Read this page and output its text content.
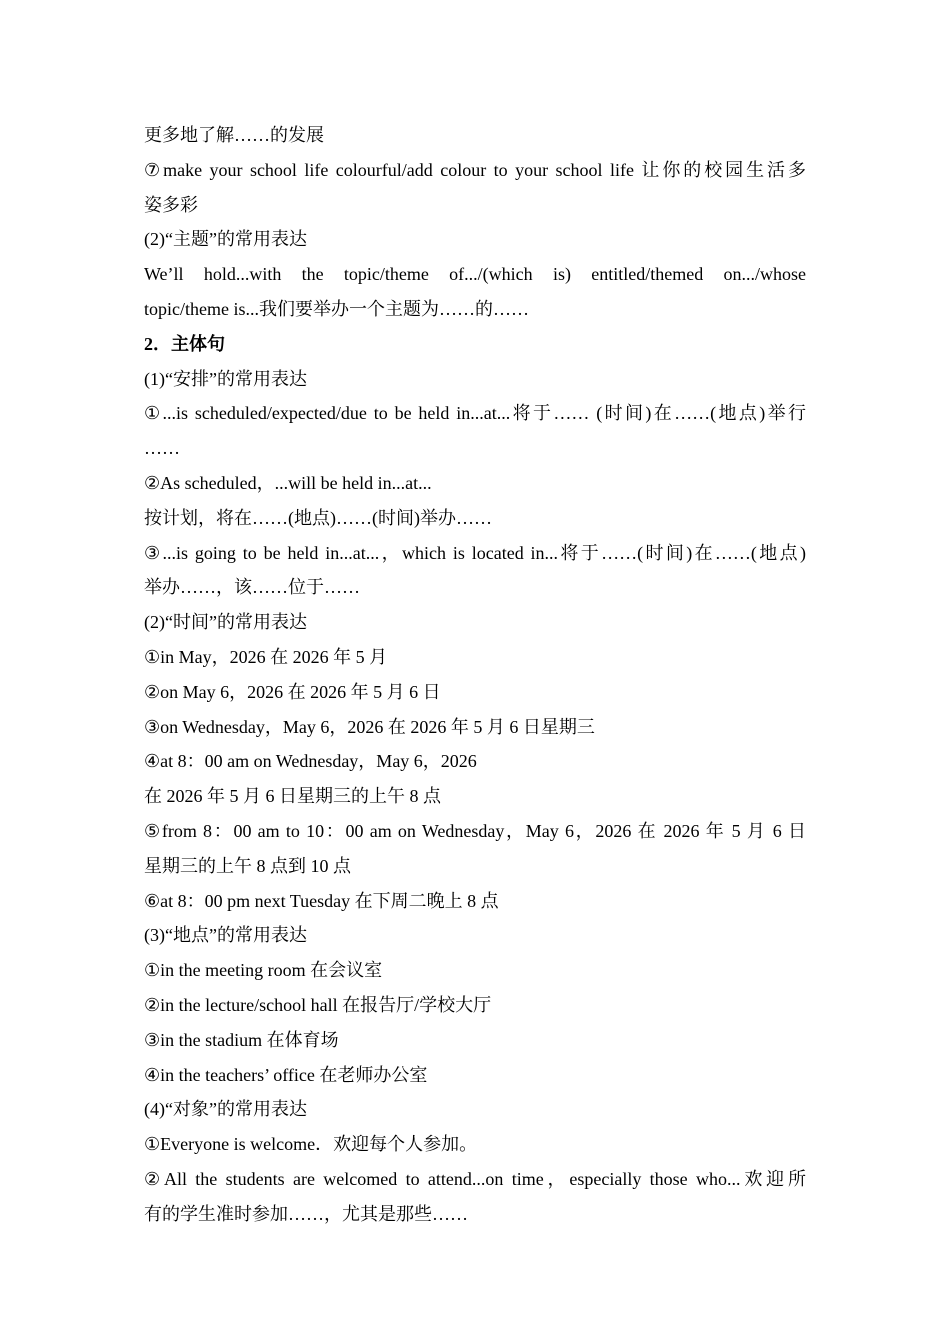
更多地了解……的发展
⑦make your school life colourful/add colour to your school life 让你的校园生活多
姿多彩
(2)“主题”的常用表达
We’ll hold...with the topic/theme of.../(which is) entitled/themed on.../whose
topic/theme is...我们要举办一个主题为……的……
2．主体句
(1)“安排”的常用表达
①...is scheduled/expected/due to be held in...at...将于…… (时间)在……(地点)举行
……
②As scheduled，...will be held in...at...
按计划，将在……(地点)……(时间)举办……
③...is going to be held in...at...，which is located in...将于……(时间)在……(地点)
举办……，该……位于……
(2)“时间”的常用表达
①in May，2026 在 2026 年 5 月
②on May 6，2026 在 2026 年 5 月 6 日
③on Wednesday，May 6，2026 在 2026 年 5 月 6 日星期三
④at 8：00 am on Wednesday，May 6，2026
在 2026 年 5 月 6 日星期三的上午 8 点
⑤from 8：00 am to 10：00 am on Wednesday，May 6，2026 在 2026 年 5 月 6 日
星期三的上午 8 点到 10 点
⑥at 8：00 pm next Tuesday 在下周二晚上 8 点
(3)“地点”的常用表达
①in the meeting room 在会议室
②in the lecture/school hall 在报告厅/学校大厅
③in the stadium 在体育场
④in the teachers’ office 在老师办公室
(4)“对象”的常用表达
①Everyone is welcome．欢迎每个人参加。
②All the students are welcomed to attend...on time，especially those who...欢迎所
有的学生准时参加……，尤其是那些……
